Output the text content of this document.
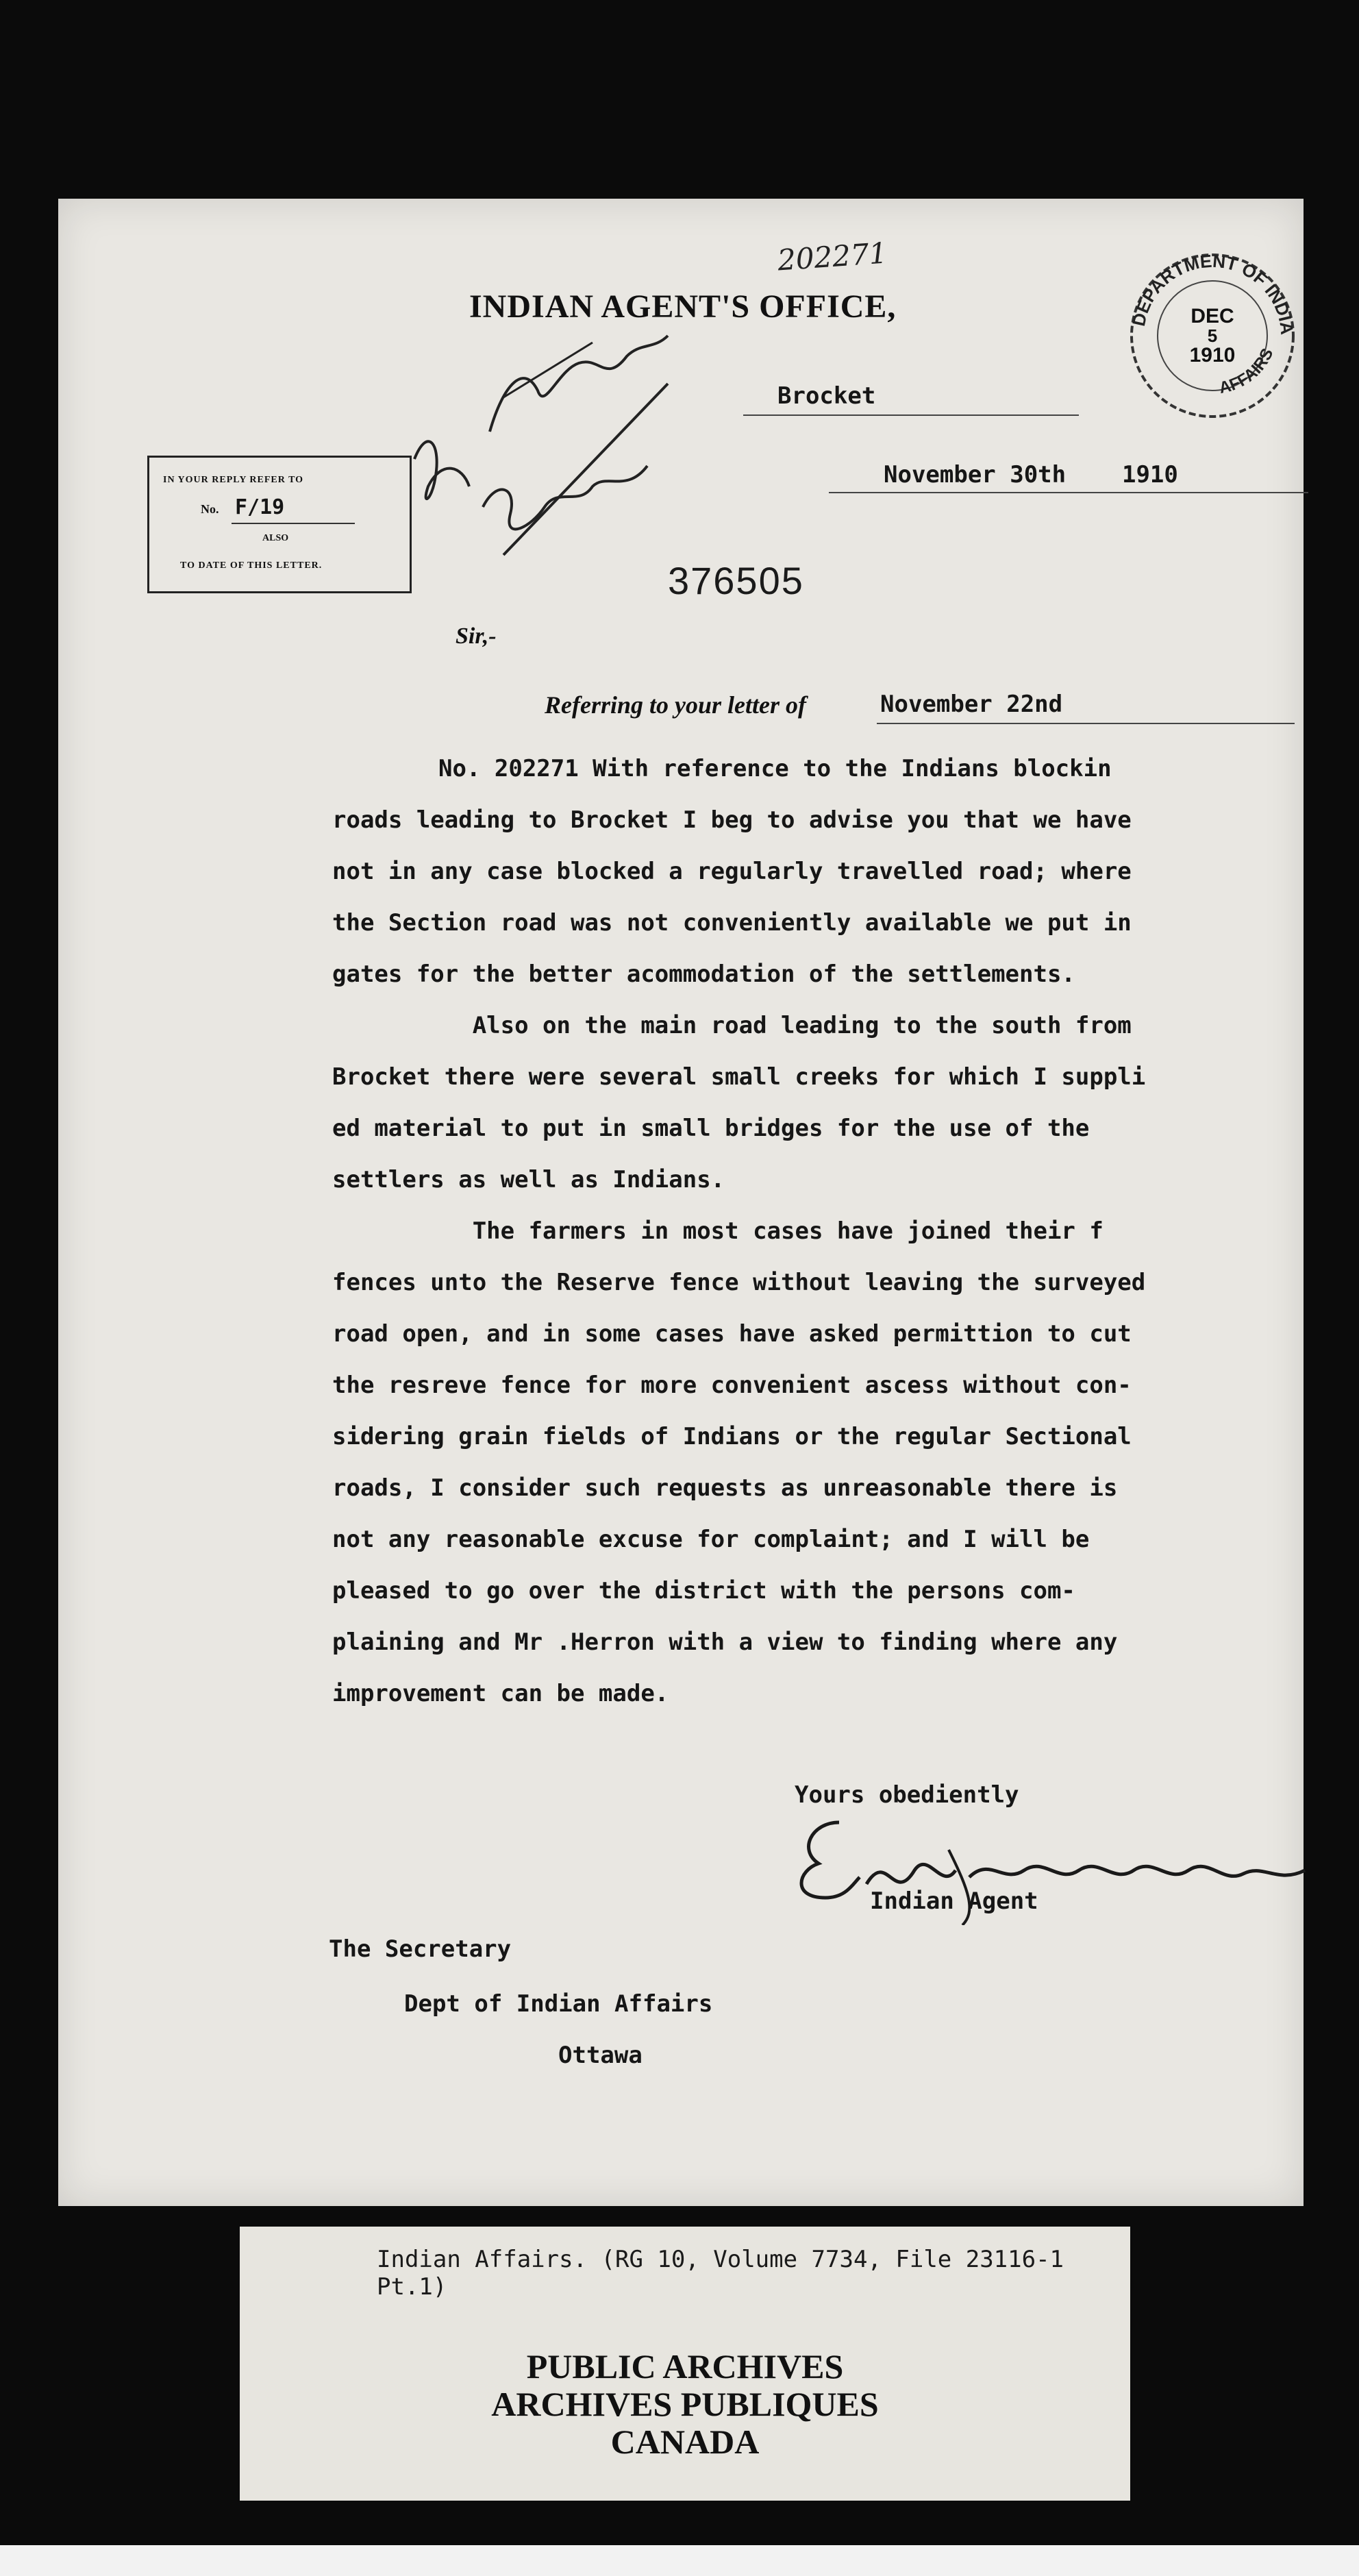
202271
INDIAN AGENT'S OFFICE,	DEPARTMENT OF INDIA
AFFAIRS
DEC
5
1910
IN YOUR REPLY REFER TO
No. F/19
ALSO
TO DATE OF THIS LETTER.
Brocket
November 30th    1910
376505
Sir,-
Referring to your letter of	November 22nd
No. 202271 With reference to the Indians blockin
roads leading to Brocket I beg to advise you that we have
not in any case blocked a regularly travelled road; where
the Section road was not conveniently available we put in
gates for the better acommodation of the settlements.
Also on the main road leading to the south from
Brocket there were several small creeks for which I suppli
ed material to put in small bridges for the use of the
settlers as well as Indians.
The farmers in most cases have joined their f
fences unto the Reserve fence without leaving the surveyed
road open, and in some cases have asked permittion to cut
the resreve fence for more convenient ascess without con-
sidering grain fields of Indians or the regular Sectional
roads, I consider such requests as unreasonable there is
not any reasonable excuse for complaint; and I will be
pleased to go over the district with the persons com-
plaining and Mr .Herron with a view to finding where any
improvement can be made.
Yours obediently
Indian Agent
The Secretary
Dept of Indian Affairs
Ottawa
Indian Affairs. (RG 10, Volume 7734, File 23116-1 Pt.1)
PUBLIC ARCHIVES
ARCHIVES PUBLIQUES
CANADA
